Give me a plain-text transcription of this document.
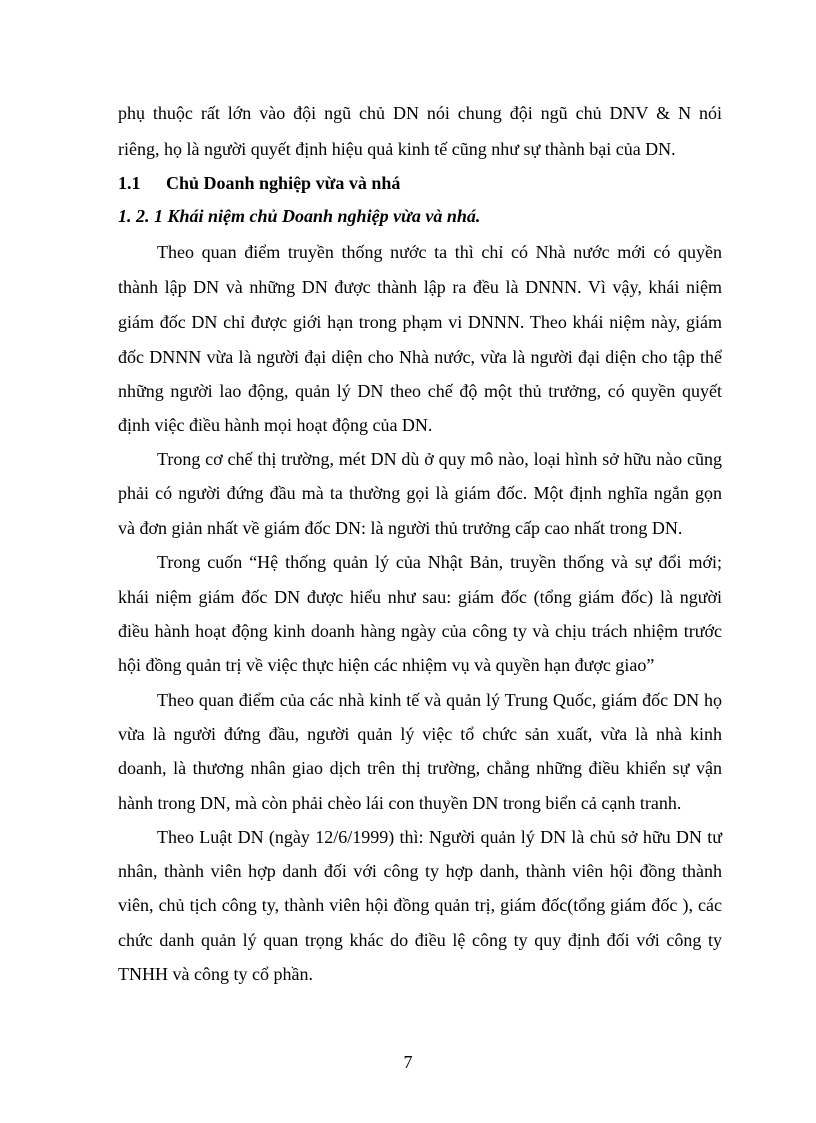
phụ thuộc rất lớn vào đội ngũ chủ DN nói chung đội ngũ chủ DNV & N nói
riêng, họ là người quyết định hiệu quả kinh tế cũng như sự thành bại của DN.
1.1 Chủ Doanh nghiệp vừa và nhá
1. 2. 1 Khái niệm chủ Doanh nghiệp vừa và nhá.
Theo quan điểm truyền thống nước ta thì chỉ có Nhà nước mới có quyền
thành lập DN và những DN được thành lập ra đều là DNNN. Vì vậy, khái niệm
giám đốc DN chỉ được giới hạn trong phạm vi DNNN. Theo khái niệm này, giám
đốc DNNN vừa là người đại diện cho Nhà nước, vừa là người đại diện cho tập thể
những người lao động, quản lý DN theo chế độ một thủ trưởng, có quyền quyết
định việc điều hành mọi hoạt động của DN.
Trong cơ chế thị trường, mét DN dù ở quy mô nào, loại hình sở hữu nào cũng
phải có người đứng đầu mà ta thường gọi là giám đốc. Một định nghĩa ngắn gọn
và đơn giản nhất về giám đốc DN: là người thủ trưởng cấp cao nhất trong DN.
Trong cuốn “Hệ thống quản lý của Nhật Bản, truyền thống và sự đổi mới;
khái niệm giám đốc DN được hiểu như sau: giám đốc (tổng giám đốc) là người
điều hành hoạt động kinh doanh hàng ngày của công ty và chịu trách nhiệm trước
hội đồng quản trị về việc thực hiện các nhiệm vụ và quyền hạn được giao”
Theo quan điểm của các nhà kinh tế và quản lý Trung Quốc, giám đốc DN họ
vừa là người đứng đầu, người quản lý việc tổ chức sản xuất, vừa là nhà kinh
doanh, là thương nhân giao dịch trên thị trường, chẳng những điều khiển sự vận
hành trong DN, mà còn phải chèo lái con thuyền DN trong biển cả cạnh tranh.
Theo Luật DN (ngày 12/6/1999) thì: Người quản lý DN là chủ sở hữu DN tư
nhân, thành viên hợp danh đối với công ty hợp danh, thành viên hội đồng thành
viên, chủ tịch công ty, thành viên hội đồng quản trị, giám đốc(tổng giám đốc ), các
chức danh quản lý quan trọng khác do điều lệ công ty quy định đối với công ty
TNHH và công ty cổ phần.
7
